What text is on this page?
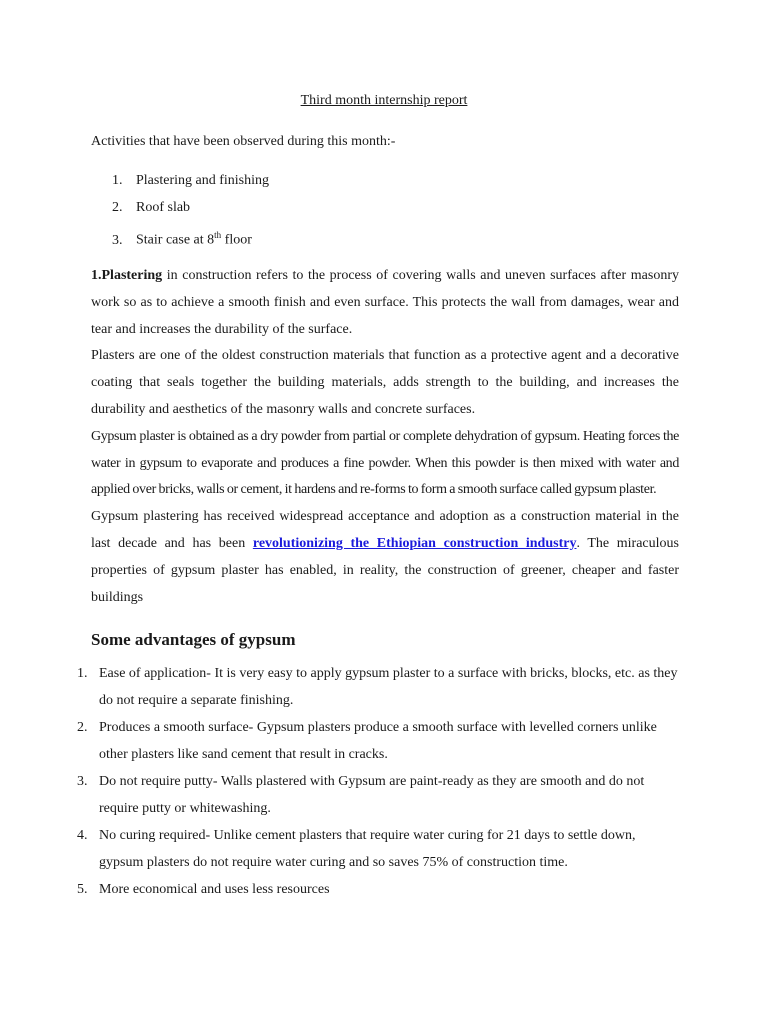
Third month internship report
Activities that have been observed during this month:-
1. Plastering and finishing
2. Roof slab
3. Stair case at 8th floor

1.Plastering in construction refers to the process of covering walls and uneven surfaces after masonry work so as to achieve a smooth finish and even surface. This protects the wall from damages, wear and tear and increases the durability of the surface.

Plasters are one of the oldest construction materials that function as a protective agent and a decorative coating that seals together the building materials, adds strength to the building, and increases the durability and aesthetics of the masonry walls and concrete surfaces.

Gypsum plaster is obtained as a dry powder from partial or complete dehydration of gypsum. Heating forces the water in gypsum to evaporate and produces a fine powder. When this powder is then mixed with water and applied over bricks, walls or cement, it hardens and re-forms to form a smooth surface called gypsum plaster.

Gypsum plastering has received widespread acceptance and adoption as a construction material in the last decade and has been revolutionizing the Ethiopian construction industry. The miraculous properties of gypsum plaster has enabled, in reality, the construction of greener, cheaper and faster buildings

Some advantages of gypsum
1. Ease of application- It is very easy to apply gypsum plaster to a surface with bricks, blocks, etc. as they do not require a separate finishing.
2. Produces a smooth surface- Gypsum plasters produce a smooth surface with levelled corners unlike other plasters like sand cement that result in cracks.
3. Do not require putty- Walls plastered with Gypsum are paint-ready as they are smooth and do not require putty or whitewashing.
4. No curing required- Unlike cement plasters that require water curing for 21 days to settle down, gypsum plasters do not require water curing and so saves 75% of construction time.
5. More economical and uses less resources
